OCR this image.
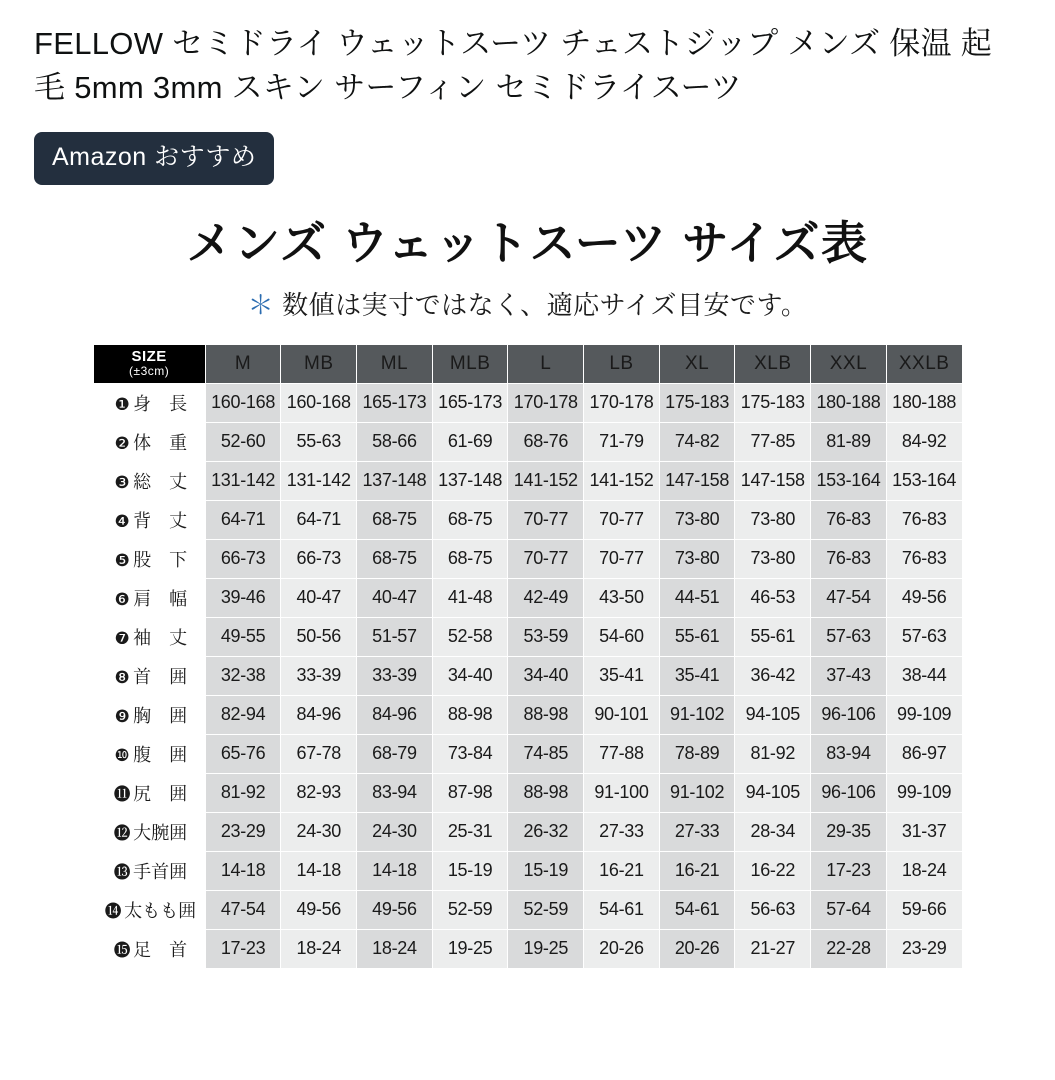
FELLOW セミドライ ウェットスーツ チェストジップ メンズ 保温 起毛 5mm 3mm スキン サーフィン セミドライスーツ
Amazon おすすめ
メンズ ウェットスーツ サイズ表
＊ 数値は実寸ではなく、適応サイズ目安です。
SIZE
(±3cm)	M	MB	ML	MLB	L	LB	XL	XLB	XXL	XXLB
❶ 身　長	160-168	160-168	165-173	165-173	170-178	170-178	175-183	175-183	180-188	180-188
❷ 体　重	52-60	55-63	58-66	61-69	68-76	71-79	74-82	77-85	81-89	84-92
❸ 総　丈	131-142	131-142	137-148	137-148	141-152	141-152	147-158	147-158	153-164	153-164
❹ 背　丈	64-71	64-71	68-75	68-75	70-77	70-77	73-80	73-80	76-83	76-83
❺ 股　下	66-73	66-73	68-75	68-75	70-77	70-77	73-80	73-80	76-83	76-83
❻ 肩　幅	39-46	40-47	40-47	41-48	42-49	43-50	44-51	46-53	47-54	49-56
❼ 袖　丈	49-55	50-56	51-57	52-58	53-59	54-60	55-61	55-61	57-63	57-63
❽ 首　囲	32-38	33-39	33-39	34-40	34-40	35-41	35-41	36-42	37-43	38-44
❾ 胸　囲	82-94	84-96	84-96	88-98	88-98	90-101	91-102	94-105	96-106	99-109
❿ 腹　囲	65-76	67-78	68-79	73-84	74-85	77-88	78-89	81-92	83-94	86-97
⓫ 尻　囲	81-92	82-93	83-94	87-98	88-98	91-100	91-102	94-105	96-106	99-109
⓬ 大腕囲	23-29	24-30	24-30	25-31	26-32	27-33	27-33	28-34	29-35	31-37
⓭ 手首囲	14-18	14-18	14-18	15-19	15-19	16-21	16-21	16-22	17-23	18-24
⓮ 太もも囲	47-54	49-56	49-56	52-59	52-59	54-61	54-61	56-63	57-64	59-66
⓯ 足　首	17-23	18-24	18-24	19-25	19-25	20-26	20-26	21-27	22-28	23-29
